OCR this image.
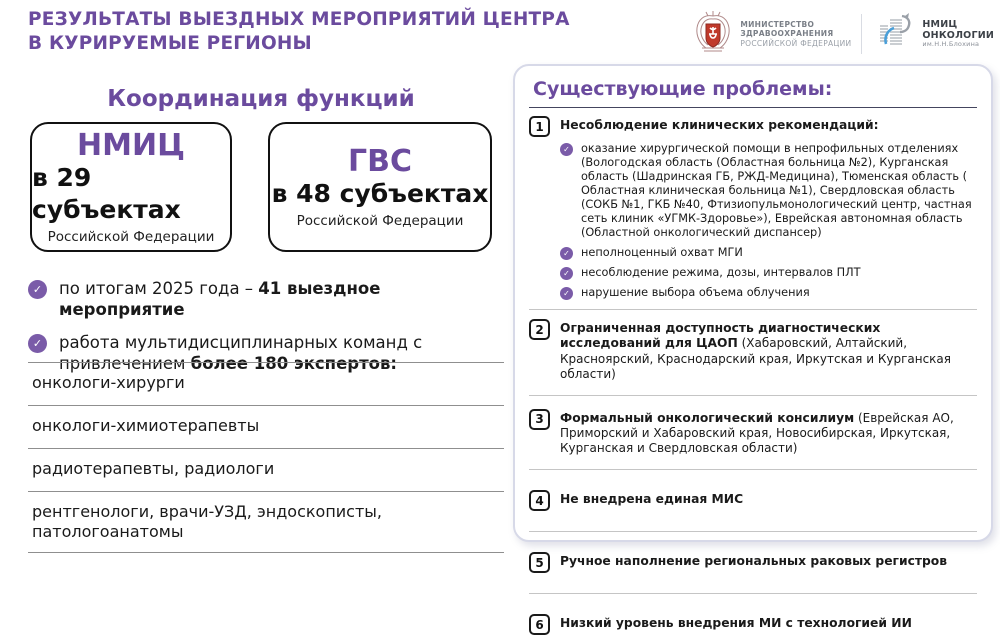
РЕЗУЛЬТАТЫ ВЫЕЗДНЫХ МЕРОПРИЯТИЙ ЦЕНТРА
В КУРИРУЕМЫЕ РЕГИОНЫ
МИНИСТЕРСТВО
ЗДРАВООХРАНЕНИЯ
РОССИЙСКОЙ ФЕДЕРАЦИИ
НМИЦ
ОНКОЛОГИИ
им.Н.Н.Блохина
Координация функций
НМИЦ
в 29 субъектах
Российской Федерации
ГВС
в 48 субъектах
Российской Федерации
✓ по итогам 2025 года – 41 выездное мероприятие
✓ работа мультидисциплинарных команд с привлечением более 180 экспертов:
онкологи-хирурги
онкологи-химиотерапевты
радиотерапевты, радиологи
рентгенологи, врачи-УЗД, эндоскописты, патологоанатомы
Существующие проблемы:
1	Несоблюдение клинических рекомендаций:
✓ оказание хирургической помощи в непрофильных отделениях (Вологодская область (Областная больница №2), Курганская область (Шадринская ГБ, РЖД-Медицина), Тюменская область ( Областная клиническая больница №1), Свердловская область (СОКБ №1, ГКБ №40, Фтизиопульмонологический центр, частная сеть клиник «УГМК-Здоровье»), Еврейская автономная область (Областной онкологический диспансер)
✓ неполноценный охват МГИ
✓ несоблюдение режима, дозы, интервалов ПЛТ
✓ нарушение выбора объема облучения
2	Ограниченная доступность диагностических исследований для ЦАОП (Хабаровский, Алтайский, Красноярский, Краснодарский края, Иркутская и Курганская области)
3	Формальный онкологический консилиум (Еврейская АО, Приморский и Хабаровский края, Новосибирская, Иркутская, Курганская и Свердловская области)
4	Не внедрена единая МИС
5	Ручное наполнение региональных раковых регистров
6	Низкий уровень внедрения МИ с технологией ИИ
